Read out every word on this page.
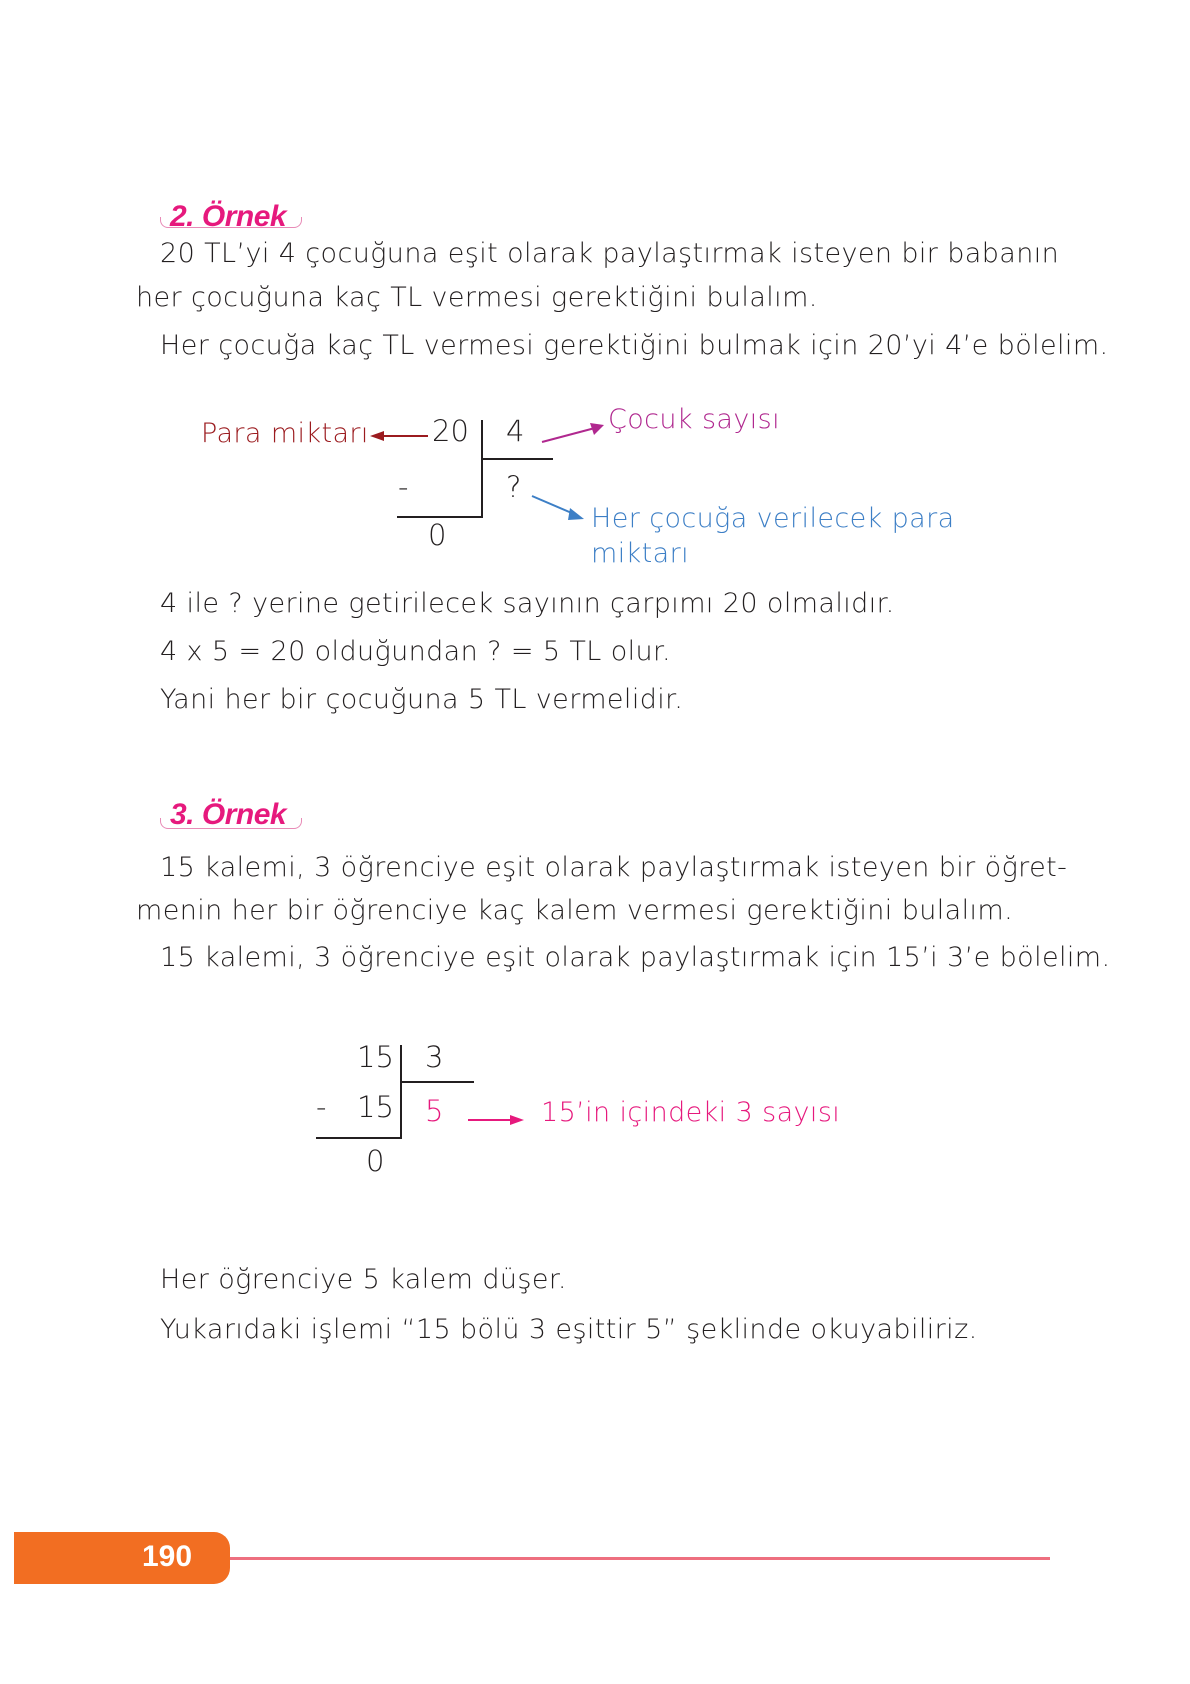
2. Örnek
20 TL’yi 4 çocuğuna eşit olarak paylaştırmak isteyen bir babanın
her çocuğuna kaç TL vermesi gerektiğini bulalım.
Her çocuğa kaç TL vermesi gerektiğini bulmak için 20’yi 4’e bölelim.
Para miktarı 20 4	Çocuk sayısı
-	?
Her çocuğa verilecek para
miktarı
0
4 ile ? yerine getirilecek sayının çarpımı 20 olmalıdır.
4 x 5 = 20 olduğundan ? = 5 TL olur.
Yani her bir çocuğuna 5 TL vermelidir.
3. Örnek
15 kalemi, 3 öğrenciye eşit olarak paylaştırmak isteyen bir öğret-
menin her bir öğrenciye kaç kalem vermesi gerektiğini bulalım.
15 kalemi, 3 öğrenciye eşit olarak paylaştırmak için 15’i 3’e bölelim.
15 3
- 15 5	15’in içindeki 3 sayısı
0
Her öğrenciye 5 kalem düşer.
Yukarıdaki işlemi “15 bölü 3 eşittir 5” şeklinde okuyabiliriz.
190
